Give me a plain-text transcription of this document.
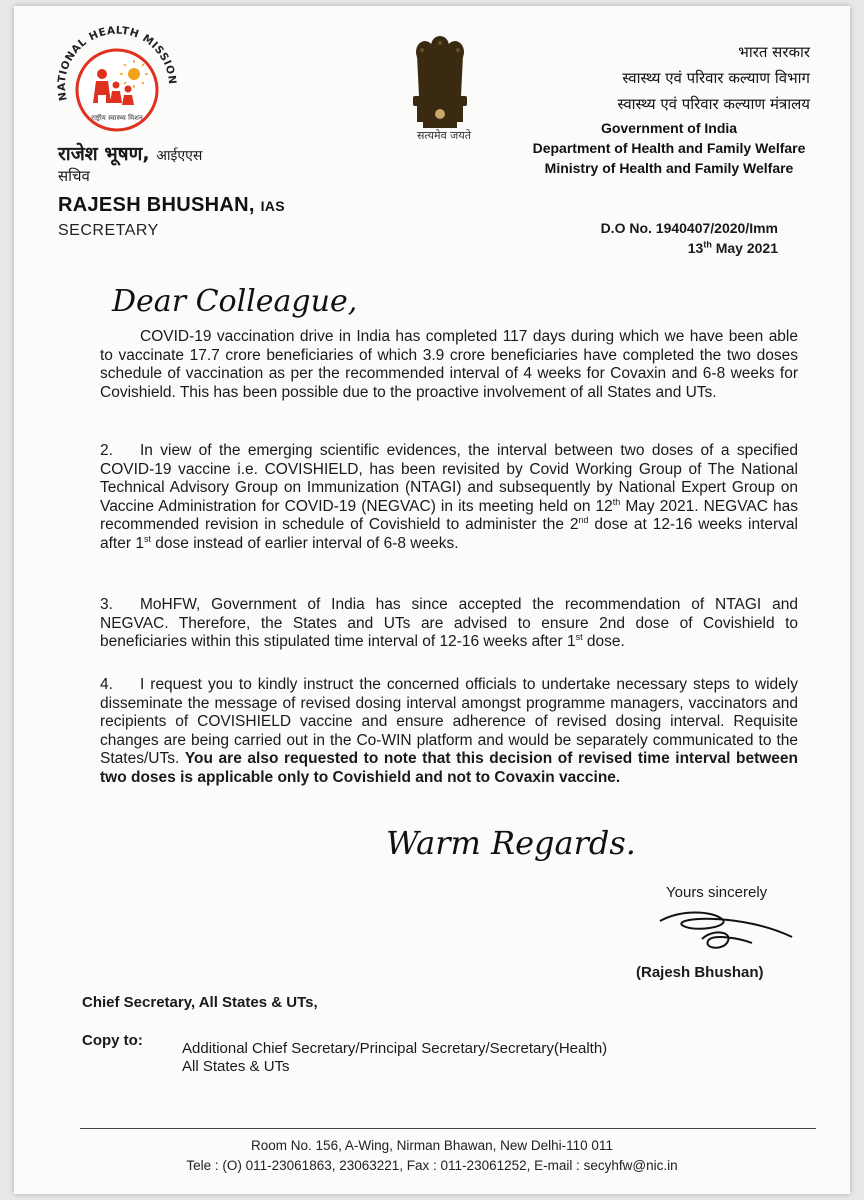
NATIONAL HEALTH MISSION
राष्ट्रीय स्वास्थ्य मिशन
सत्यमेव जयते
राजेश भूषण, आईएएस
सचिव
RAJESH BHUSHAN, IAS
SECRETARY
भारत सरकार
स्वास्थ्य एवं परिवार कल्याण विभाग
स्वास्थ्य एवं परिवार कल्याण मंत्रालय
Government of India
Department of Health and Family Welfare
Ministry of Health and Family Welfare
D.O No. 1940407/2020/Imm
13th May 2021
Dear Colleague,
COVID-19 vaccination drive in India has completed 117 days during which we have been able to vaccinate 17.7 crore beneficiaries of which 3.9 crore beneficiaries have completed the two doses schedule of vaccination as per the recommended interval of 4 weeks for Covaxin and 6-8 weeks for Covishield. This has been possible due to the proactive involvement of all States and UTs.
2. In view of the emerging scientific evidences, the interval between two doses of a specified COVID-19 vaccine i.e. COVISHIELD, has been revisited by Covid Working Group of The National Technical Advisory Group on Immunization (NTAGI) and subsequently by National Expert Group on Vaccine Administration for COVID-19 (NEGVAC) in its meeting held on 12th May 2021. NEGVAC has recommended revision in schedule of Covishield to administer the 2nd dose at 12-16 weeks interval after 1st dose instead of earlier interval of 6-8 weeks.
3. MoHFW, Government of India has since accepted the recommendation of NTAGI and NEGVAC. Therefore, the States and UTs are advised to ensure 2nd dose of Covishield to beneficiaries within this stipulated time interval of 12-16 weeks after 1st dose.
4. I request you to kindly instruct the concerned officials to undertake necessary steps to widely disseminate the message of revised dosing interval amongst programme managers, vaccinators and recipients of COVISHIELD vaccine and ensure adherence of revised dosing interval. Requisite changes are being carried out in the Co-WIN platform and would be separately communicated to the States/UTs. You are also requested to note that this decision of revised time interval between two doses is applicable only to Covishield and not to Covaxin vaccine.
Warm Regards.
Yours sincerely
(Rajesh Bhushan)
Chief Secretary, All States & UTs,
Copy to:	Additional Chief Secretary/Principal Secretary/Secretary(Health)
All States & UTs
Room No. 156, A-Wing, Nirman Bhawan, New Delhi-110 011
Tele : (O) 011-23061863, 23063221, Fax : 011-23061252, E-mail : secyhfw@nic.in
